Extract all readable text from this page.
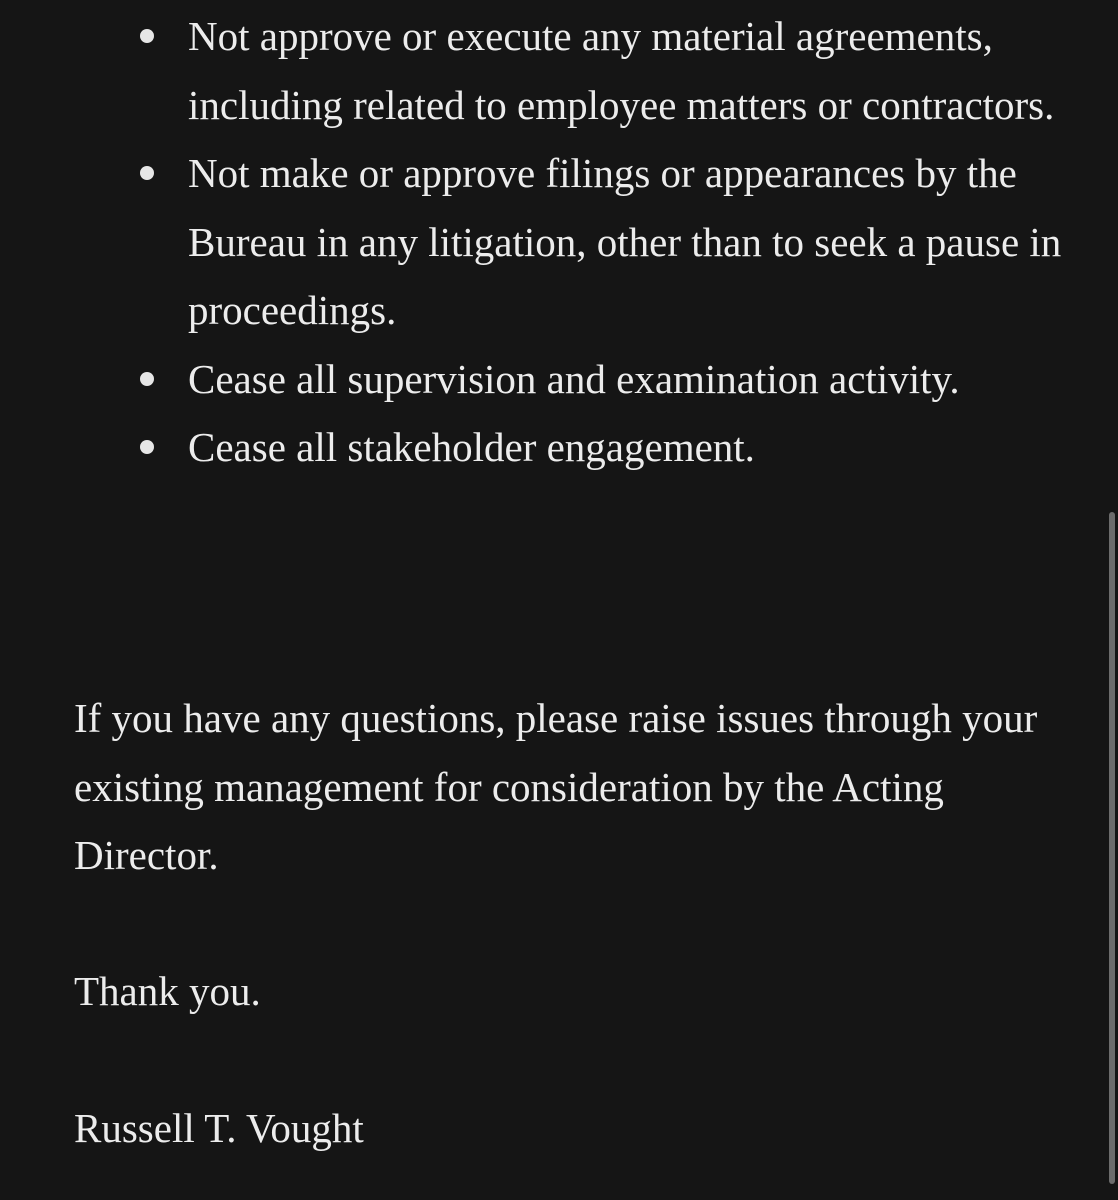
Not approve or execute any material agreements, including related to employee matters or contractors.
Not make or approve filings or appearances by the Bureau in any litigation, other than to seek a pause in proceedings.
Cease all supervision and examination activity.
Cease all stakeholder engagement.

If you have any questions, please raise issues through your existing management for consideration by the Acting Director.

Thank you.

Russell T. Vought
